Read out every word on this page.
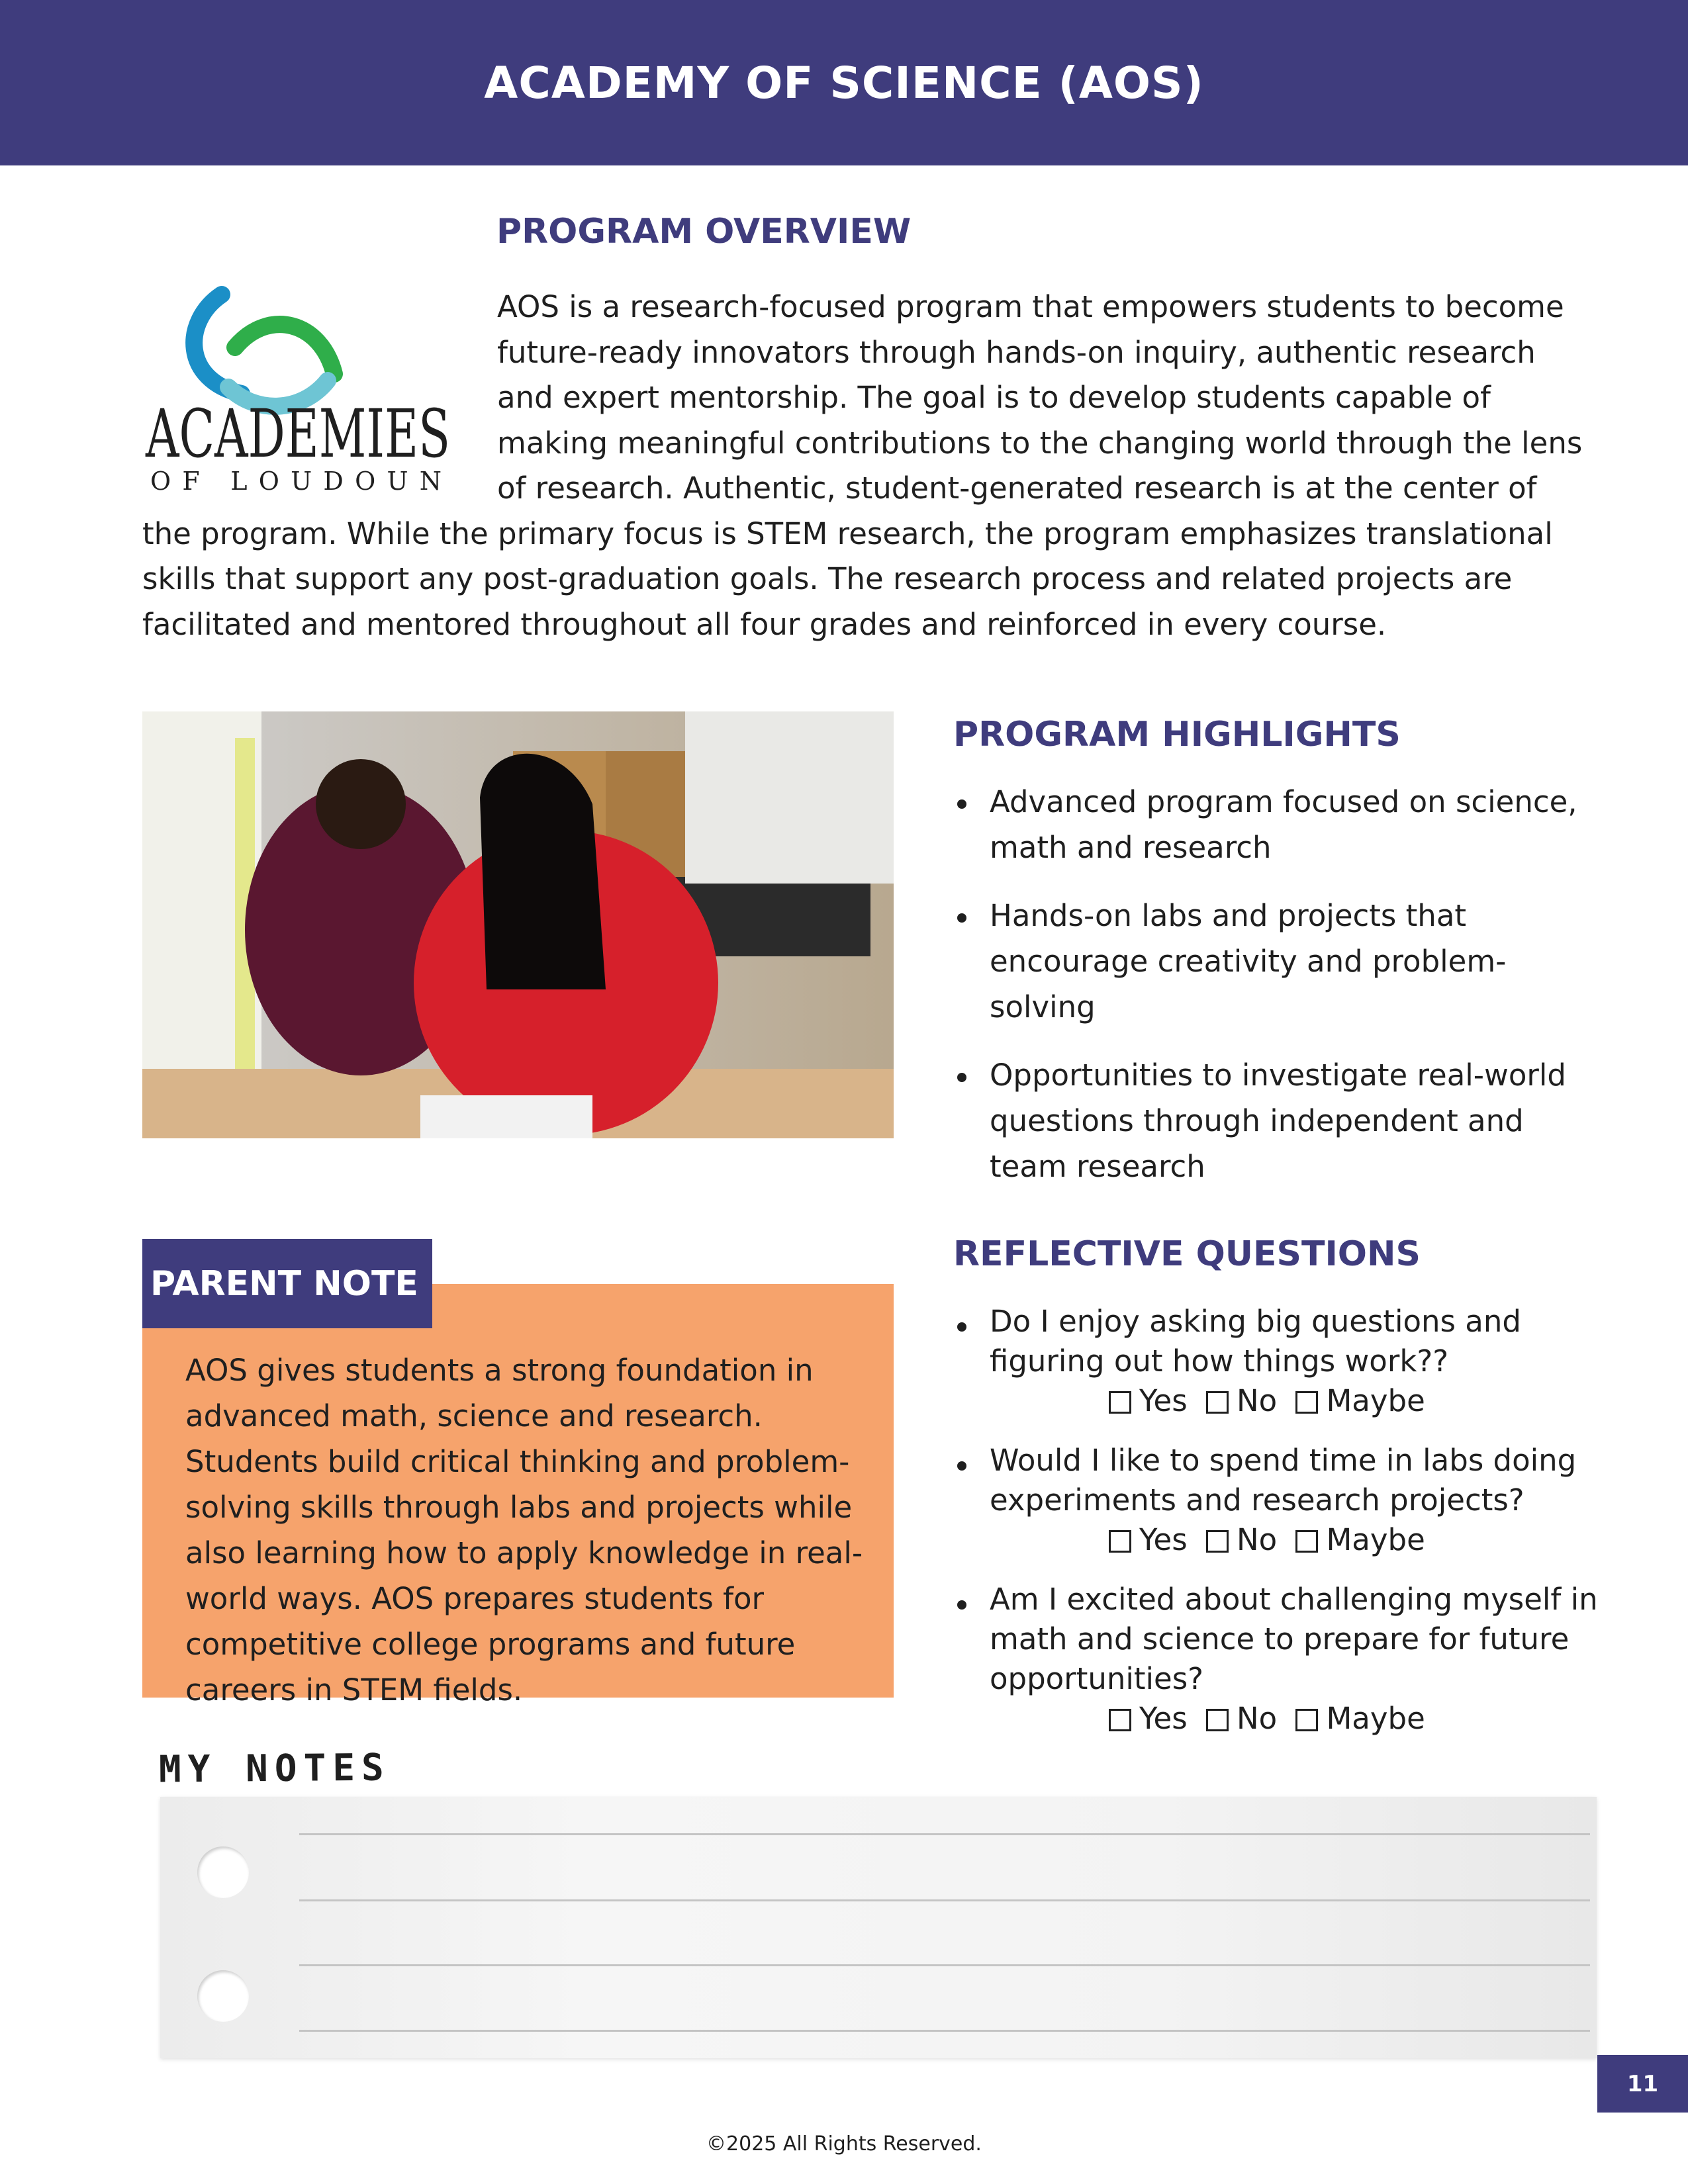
ACADEMY OF SCIENCE (AOS)
PROGRAM OVERVIEW
ACADEMIES
OF LOUDOUN

AOS is a research-focused program that empowers students to become future-ready innovators through hands-on inquiry, authentic research and expert mentorship. The goal is to develop students capable of making meaningful contributions to the changing world through the lens of research. Authentic, student-generated research is at the center of the program. While the primary focus is STEM research, the program emphasizes translational skills that support any post-graduation goals. The research process and related projects are facilitated and mentored throughout all four grades and reinforced in every course.

PROGRAM HIGHLIGHTS
Advanced program focused on science, math and research
Hands-on labs and projects that encourage creativity and problem-solving
Opportunities to investigate real-world questions through independent and team research

AOS gives students a strong foundation in advanced math, science and research. Students build critical thinking and problem-solving skills through labs and projects while also learning how to apply knowledge in real-world ways. AOS prepares students for competitive college programs and future careers in STEM fields.

PARENT NOTE
REFLECTIVE QUESTIONS
Do I enjoy asking big questions and figuring out how things work??
Yes No Maybe
Would I like to spend time in labs doing experiments and research projects?
Yes No Maybe
Am I excited about challenging myself in math and science to prepare for future opportunities?
Yes No Maybe
MY NOTES
11
©2025 All Rights Reserved.
